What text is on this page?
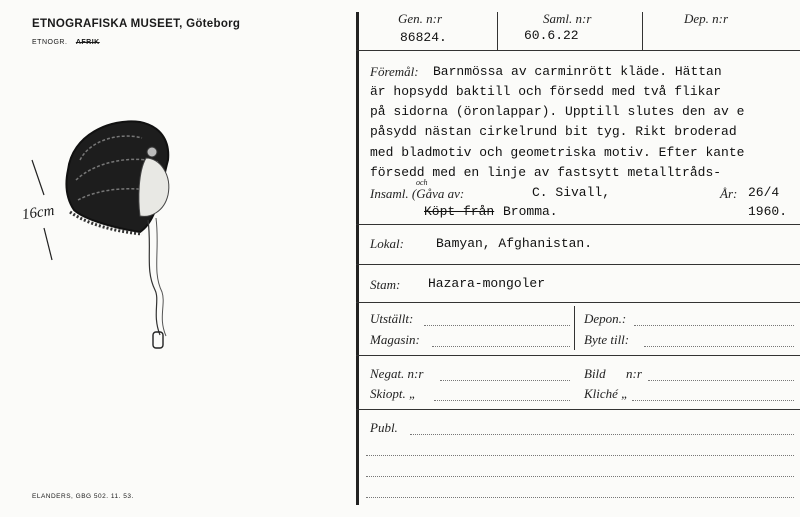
ETNOGRAFISKA MUSEET, Göteborg
ETNOGR. AFRIK
16cm
ELANDERS, GBG 502. 11. 53.
Gen. n:r
86824.
Saml. n:r
60.6.22
Dep. n:r
Föremål: Barnmössa av carminrött kläde. Hättan
är hopsydd baktill och försedd med två flikar
på sidorna (öronlappar). Upptill slutes den av e
påsydd nästan cirkelrund bit tyg. Rikt broderad
med bladmotiv och geometriska motiv. Efter kante
försedd med en linje av fastsytt metalltråds-
och
Insaml. (Gåva av:	C. Sivall,	År: 26/4
Köpt från Bromma.	1960.
Lokal: Bamyan, Afghanistan.
Stam: Hazara-mongoler
Utställt:	Depon.:
Magasin:	Byte till:
Negat. n:r	Bild n:r
Skiopt. „	Kliché „
Publ.
